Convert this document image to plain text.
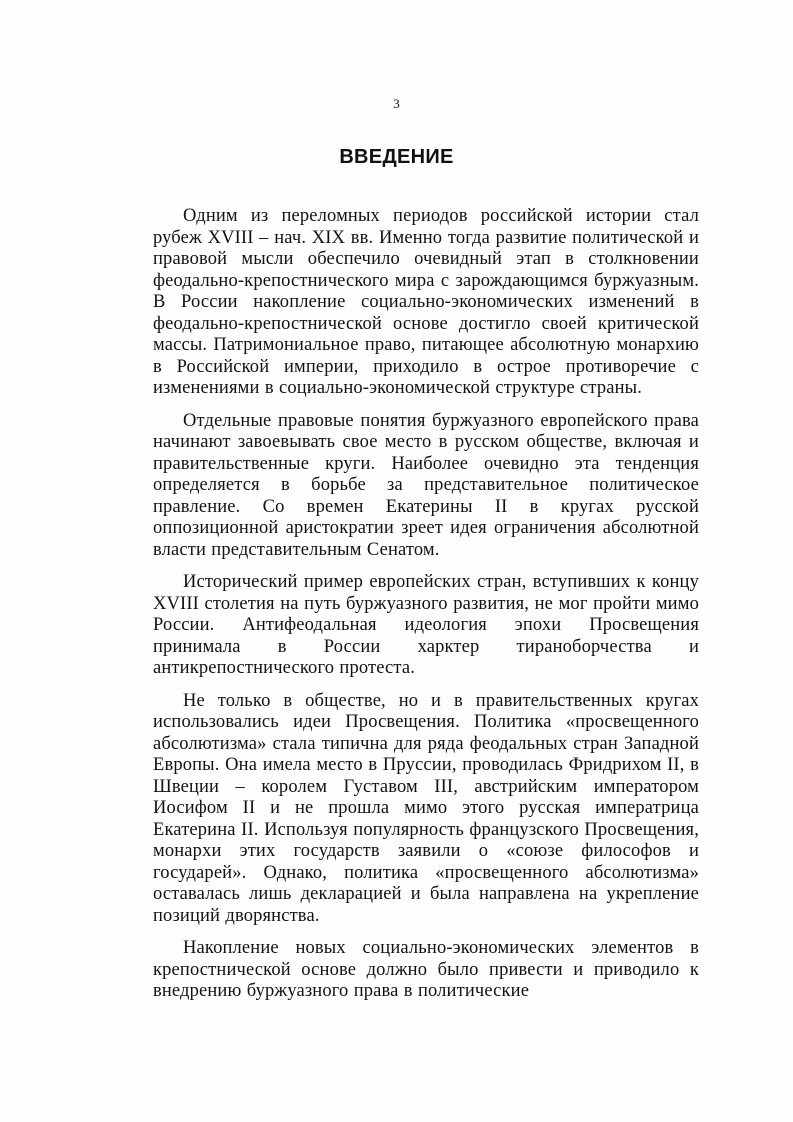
3
ВВЕДЕНИЕ

Одним из переломных периодов российской истории стал рубеж XVIII – нач. XIX вв. Именно тогда развитие политической и правовой мысли обеспечило очевидный этап в столкновении феодально-крепостнического мира с зарождающимся буржуазным. В России накопление социально-экономических изменений в феодально-крепостнической основе достигло своей критической массы. Патримониальное право, питающее абсолютную монархию в Российской империи, приходило в острое противоречие с изменениями в социально-экономической структуре страны.

Отдельные правовые понятия буржуазного европейского права начинают завоевывать свое место в русском обществе, включая и правительственные круги. Наиболее очевидно эта тенденция определяется в борьбе за представительное политическое правление. Со времен Екатерины II в кругах русской оппозиционной аристократии зреет идея ограничения абсолютной власти представительным Сенатом.

Исторический пример европейских стран, вступивших к концу XVIII столетия на путь буржуазного развития, не мог пройти мимо России. Антифеодальная идеология эпохи Просвещения принимала в России харктер тираноборчества и антикрепостнического протеста.

Не только в обществе, но и в правительственных кругах использовались идеи Просвещения. Политика «просвещенного абсолютизма» стала типична для ряда феодальных стран Западной Европы. Она имела место в Пруссии, проводилась Фридрихом II, в Швеции – королем Густавом III, австрийским императором Иосифом II и не прошла мимо этого русская императрица Екатерина II. Используя популярность французского Просвещения, монархи этих государств заявили о «союзе философов и государей». Однако, политика «просвещенного абсолютизма» оставалась лишь декларацией и была направлена на укрепление позиций дворянства.

Накопление новых социально-экономических элементов в крепостнической основе должно было привести и приводило к внедрению буржуазного права в политические
